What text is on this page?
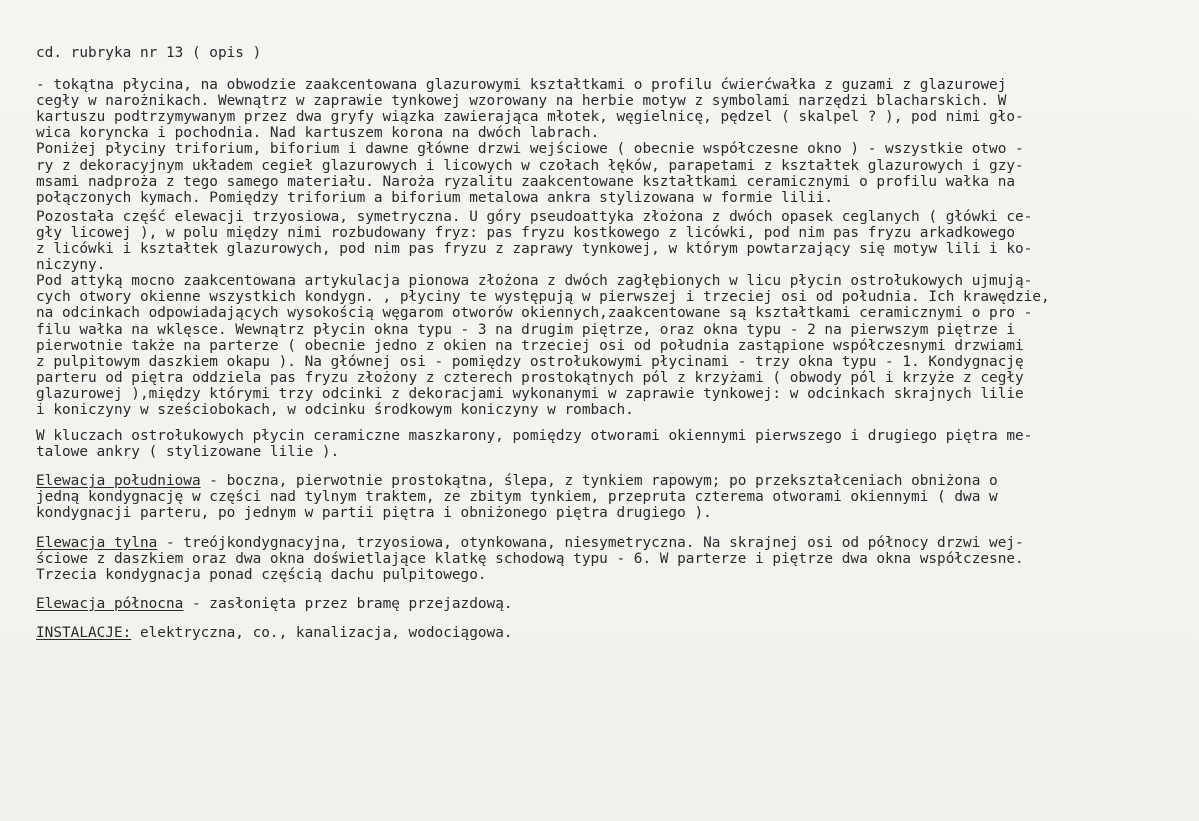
cd. rubryka nr 13 ( opis )
- tokątna płycina, na obwodzie zaakcentowana glazurowymi kształtkami o profilu ćwierćwałka z guzami z glazurowej
cegły w narożnikach. Wewnątrz w zaprawie tynkowej wzorowany na herbie motyw z symbolami narzędzi blacharskich. W
kartuszu podtrzymywanym przez dwa gryfy wiązka zawierająca młotek, węgielnicę, pędzel ( skalpel ? ), pod nimi gło-
wica koryncka i pochodnia. Nad kartuszem korona na dwóch labrach.
Poniżej płyciny triforium, biforium i dawne główne drzwi wejściowe ( obecnie współczesne okno ) - wszystkie otwo -
ry z dekoracyjnym układem cegieł glazurowych i licowych w czołach łęków, parapetami z kształtek glazurowych i gzy-
msami nadproża z tego samego materiału. Naroża ryzalitu zaakcentowane kształtkami ceramicznymi o profilu wałka na
połączonych kymach. Pomiędzy triforium a biforium metalowa ankra stylizowana w formie lilii.
Pozostała część elewacji trzyosiowa, symetryczna. U góry pseudoattyka złożona z dwóch opasek ceglanych ( główki ce-
gły licowej ), w polu między nimi rozbudowany fryz: pas fryzu kostkowego z licówki, pod nim pas fryzu arkadkowego
z licówki i kształtek glazurowych, pod nim pas fryzu z zaprawy tynkowej, w którym powtarzający się motyw lili i ko-
niczyny.
Pod attyką mocno zaakcentowana artykulacja pionowa złożona z dwóch zagłębionych w licu płycin ostrołukowych ujmują-
cych otwory okienne wszystkich kondygn. , płyciny te występują w pierwszej i trzeciej osi od południa. Ich krawędzie,
na odcinkach odpowiadających wysokością węgarom otworów okiennych,zaakcentowane są kształtkami ceramicznymi o pro -
filu wałka na wklęsce. Wewnątrz płycin okna typu - 3 na drugim piętrze, oraz okna typu - 2 na pierwszym piętrze i
pierwotnie także na parterze ( obecnie jedno z okien na trzeciej osi od południa zastąpione współczesnymi drzwiami
z pulpitowym daszkiem okapu ). Na głównej osi - pomiędzy ostrołukowymi płycinami - trzy okna typu - 1. Kondygnację
parteru od piętra oddziela pas fryzu złożony z czterech prostokątnych pól z krzyżami ( obwody pól i krzyże z cegły
glazurowej ),między którymi trzy odcinki z dekoracjami wykonanymi w zaprawie tynkowej: w odcinkach skrajnych lilie
i koniczyny w sześciobokach, w odcinku środkowym koniczyny w rombach.
W kluczach ostrołukowych płycin ceramiczne maszkarony, pomiędzy otworami okiennymi pierwszego i drugiego piętra me-
talowe ankry ( stylizowane lilie ).
Elewacja południowa - boczna, pierwotnie prostokątna, ślepa, z tynkiem rapowym; po przekształceniach obniżona o
jedną kondygnację w części nad tylnym traktem, ze zbitym tynkiem, przeprutа czterema otworami okiennymi ( dwa w
kondygnacji parteru, po jednym w partii piętra i obniżonego piętra drugiego ).
Elewacja tylna - treójkondygnacyjna, trzyosiowa, otynkowana, niesymetryczna. Na skrajnej osi od północy drzwi wej-
ściowe z daszkiem oraz dwa okna doświetlające klatkę schodową typu - 6. W parterze i piętrze dwa okna współczesne.
Trzecia kondygnacja ponad częścią dachu pulpitowego.
Elewacja północna - zasłonięta przez bramę przejazdową.
INSTALACJE: elektryczna, co., kanalizacja, wodociągowa.
